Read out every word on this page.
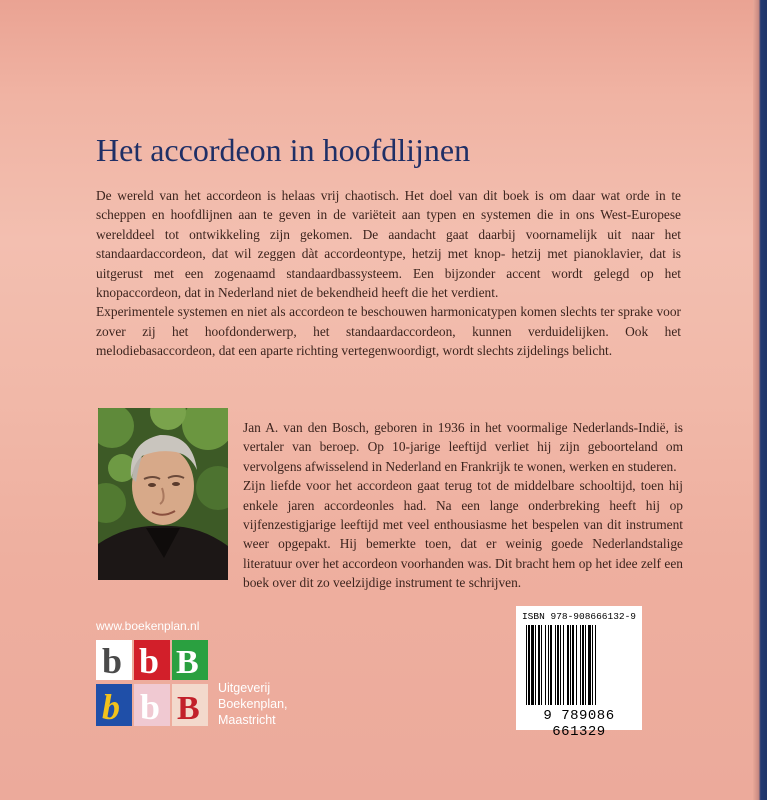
Het accordeon in hoofdlijnen

De wereld van het accordeon is helaas vrij chaotisch. Het doel van dit boek is om daar wat orde in te scheppen en hoofdlijnen aan te geven in de variëteit aan typen en systemen die in ons West-Europese werelddeel tot ontwikkeling zijn gekomen. De aandacht gaat daarbij voornamelijk uit naar het standaardaccordeon, dat wil zeggen dàt accordeontype, hetzij met knop- hetzij met pianoklavier, dat is uitgerust met een zogenaamd standaardbassysteem. Een bijzonder accent wordt gelegd op het knopaccordeon, dat in Nederland niet de bekendheid heeft die het verdient.

Experimentele systemen en niet als accordeon te beschouwen harmonicatypen komen slechts ter sprake voor zover zij het hoofdonderwerp, het standaardaccordeon, kunnen verduidelijken. Ook het melodiebasaccordeon, dat een aparte richting vertegenwoordigt, wordt slechts zijdelings belicht.

Jan A. van den Bosch, geboren in 1936 in het voormalige Nederlands-Indië, is vertaler van beroep. Op 10-jarige leeftijd verliet hij zijn geboorteland om vervolgens afwisselend in Nederland en Frankrijk te wonen, werken en studeren.

Zijn liefde voor het accordeon gaat terug tot de middelbare schooltijd, toen hij enkele jaren accordeonles had. Na een lange onderbreking heeft hij op vijfenzestigjarige leeftijd met veel enthousiasme het bespelen van dit instrument weer opgepakt. Hij bemerkte toen, dat er weinig goede Nederlandstalige literatuur over het accordeon voorhanden was. Dit bracht hem op het idee zelf een boek over dit zo veelzijdige instrument te schrijven.

www.boekenplan.nl
b b B
b b B
Uitgeverij
Boekenplan,
Maastricht
ISBN 978-908666132-9
9 789086 661329
